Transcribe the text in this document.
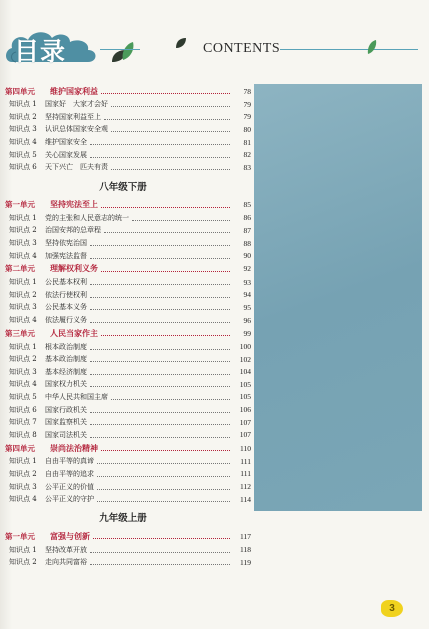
目录	CONTENTS
第四单元	维护国家利益	78
知识点 1	国家好　大家才会好	79
知识点 2	坚持国家利益至上	79
知识点 3	认识总体国家安全观	80
知识点 4	维护国家安全	81
知识点 5	关心国家发展	82
知识点 6	天下兴亡　匹夫有责	83
八年级下册
第一单元	坚持宪法至上	85
知识点 1	党的主张和人民意志的统一	86
知识点 2	治国安邦的总章程	87
知识点 3	坚持依宪治国	88
知识点 4	加强宪法监督	90
第二单元	理解权利义务	92
知识点 1	公民基本权利	93
知识点 2	依法行使权利	94
知识点 3	公民基本义务	95
知识点 4	依法履行义务	96
第三单元	人民当家作主	99
知识点 1	根本政治制度	100
知识点 2	基本政治制度	102
知识点 3	基本经济制度	104
知识点 4	国家权力机关	105
知识点 5	中华人民共和国主席	105
知识点 6	国家行政机关	106
知识点 7	国家监察机关	107
知识点 8	国家司法机关	107
第四单元	崇尚法治精神	110
知识点 1	自由平等的真谛	111
知识点 2	自由平等的追求	111
知识点 3	公平正义的价值	112
知识点 4	公平正义的守护	114
九年级上册
第一单元	富强与创新	117
知识点 1	坚持改革开放	118
知识点 2	走向共同富裕	119
3
